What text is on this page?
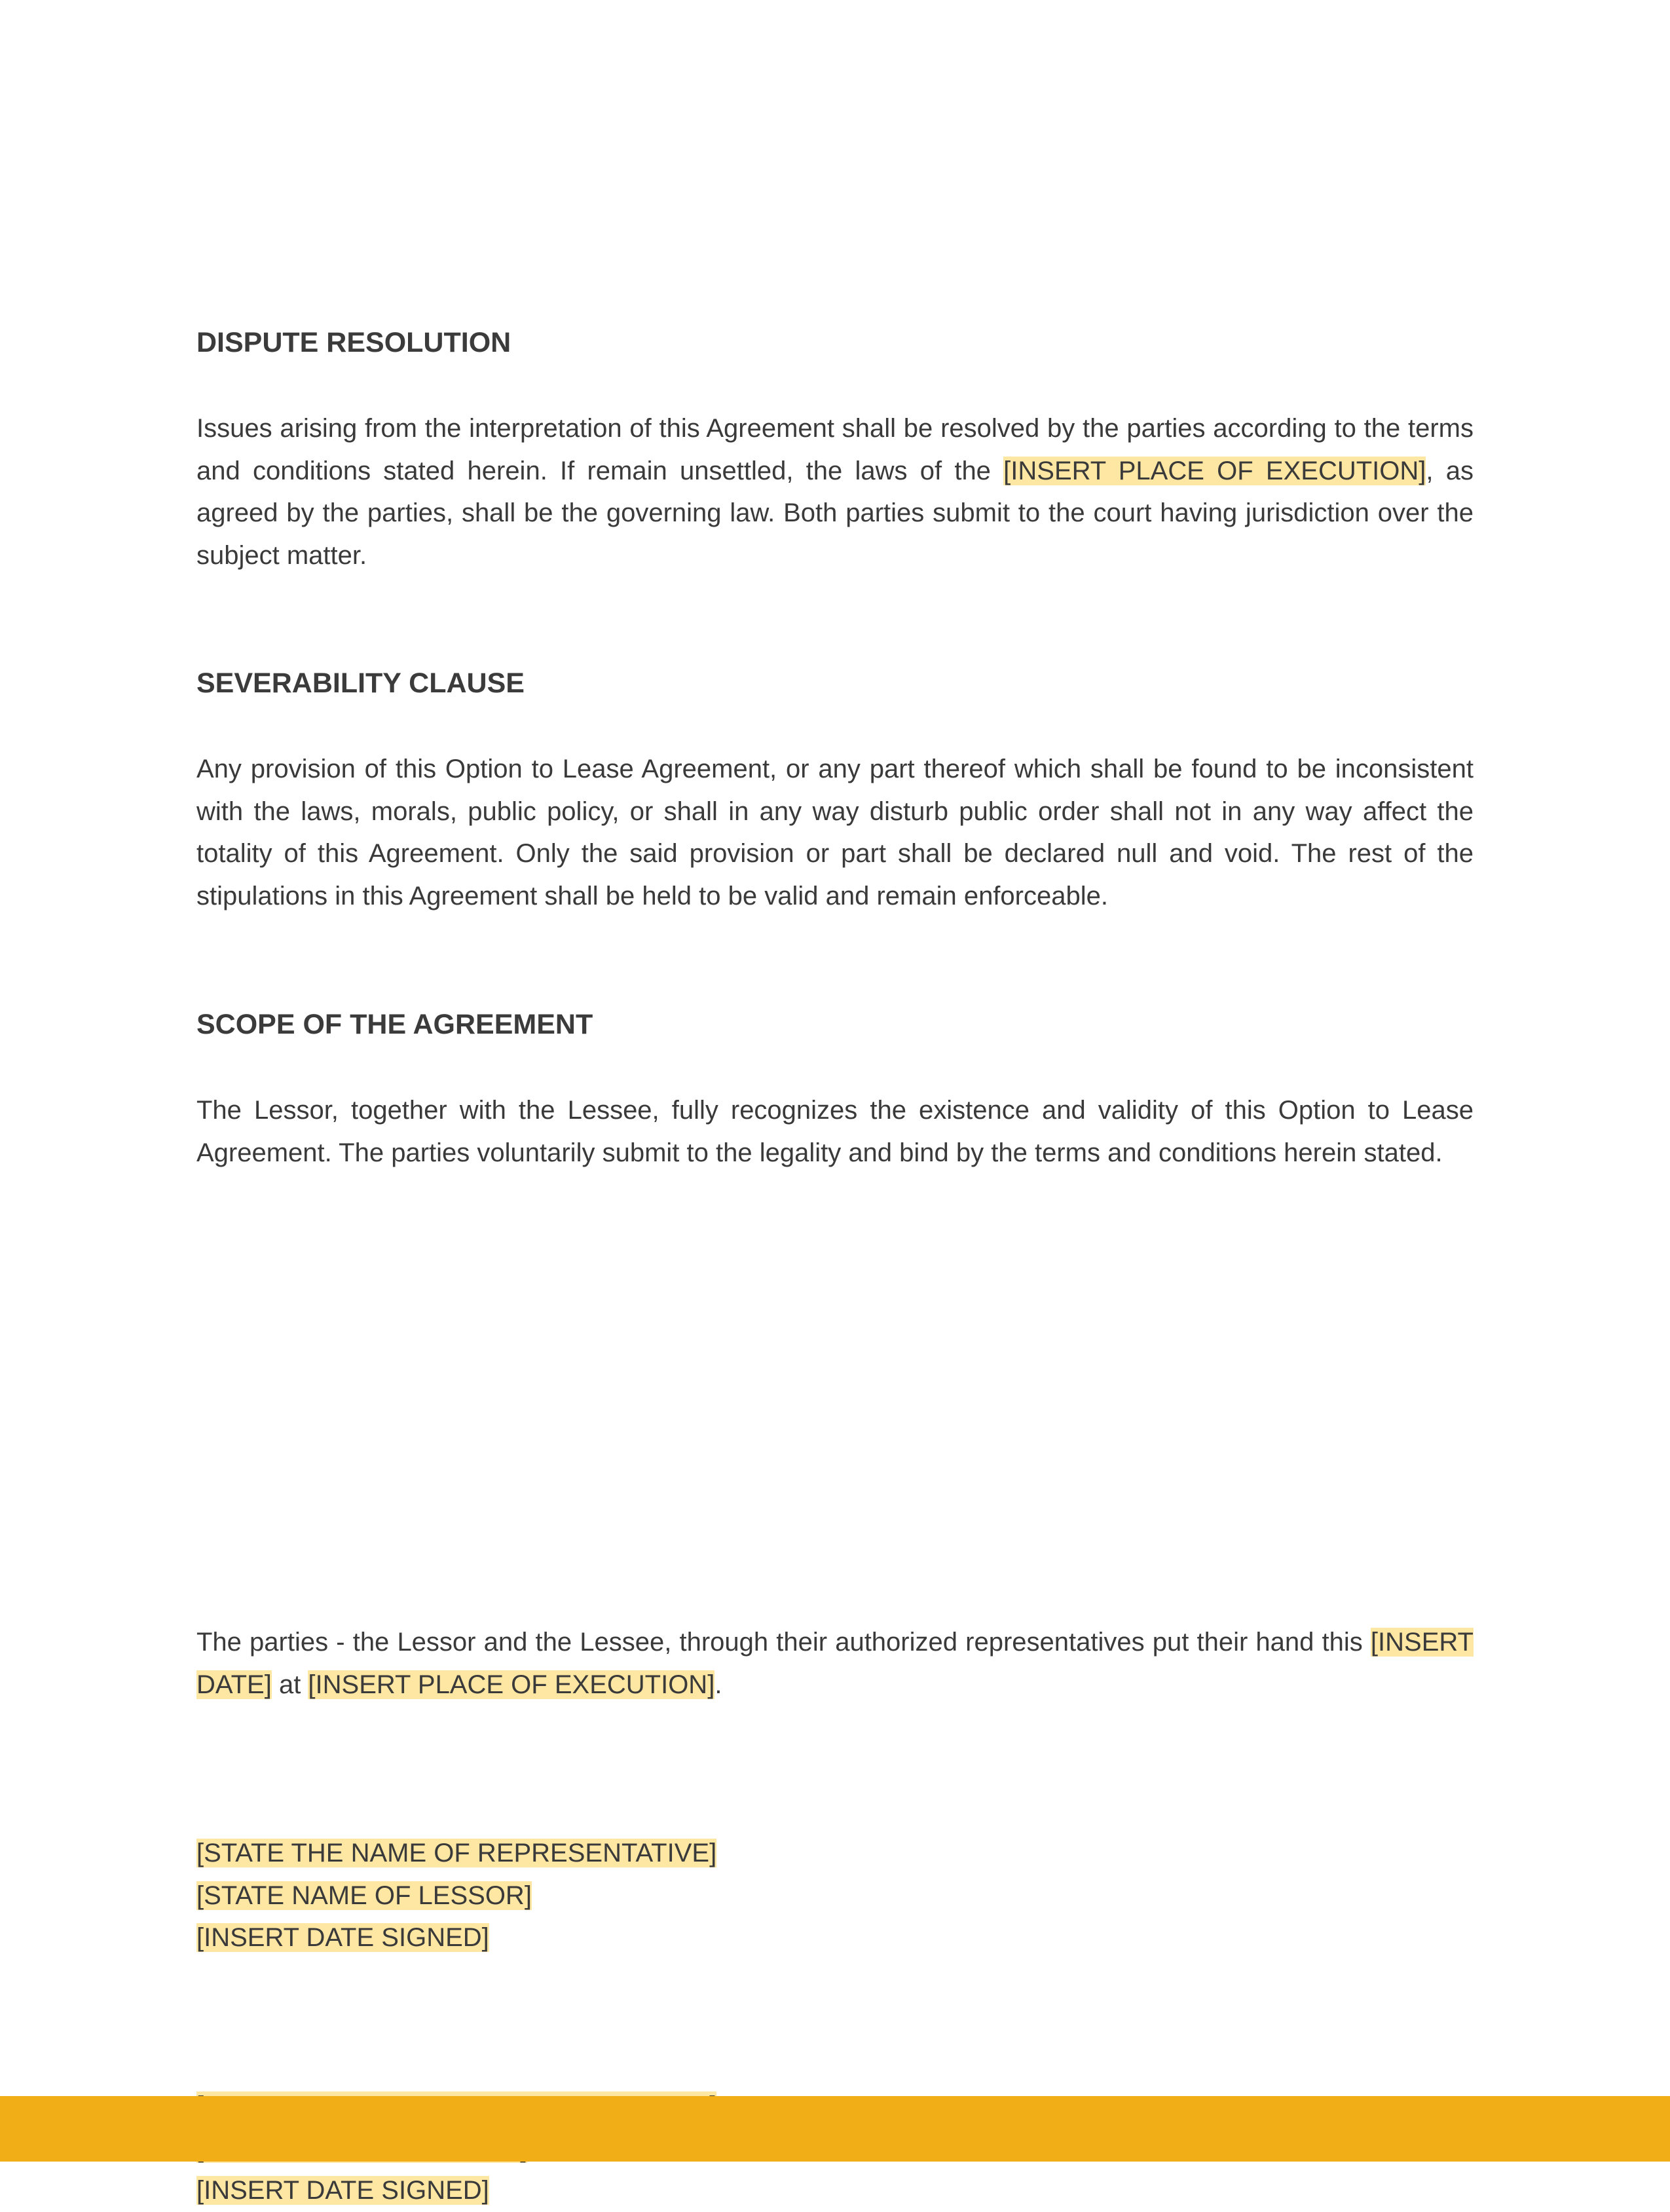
DISPUTE RESOLUTION

Issues arising from the interpretation of this Agreement shall be resolved by the parties according to the terms and conditions stated herein. If remain unsettled, the laws of the [INSERT PLACE OF EXECUTION], as agreed by the parties, shall be the governing law. Both parties submit to the court having jurisdiction over the subject matter.

SEVERABILITY CLAUSE

Any provision of this Option to Lease Agreement, or any part thereof which shall be found to be inconsistent with the laws, morals, public policy, or shall in any way disturb public order shall not in any way affect the totality of this Agreement. Only the said provision or part shall be declared null and void. The rest of the stipulations in this Agreement shall be held to be valid and remain enforceable.

SCOPE OF THE AGREEMENT

The Lessor, together with the Lessee, fully recognizes the existence and validity of this Option to Lease Agreement. The parties voluntarily submit to the legality and bind by the terms and conditions herein stated.

The parties - the Lessor and the Lessee, through their authorized representatives put their hand this [INSERT DATE] at [INSERT PLACE OF EXECUTION].

[STATE THE NAME OF REPRESENTATIVE]
[STATE NAME OF LESSOR]
[INSERT DATE SIGNED]
[INSERT DATE SIGNED]
